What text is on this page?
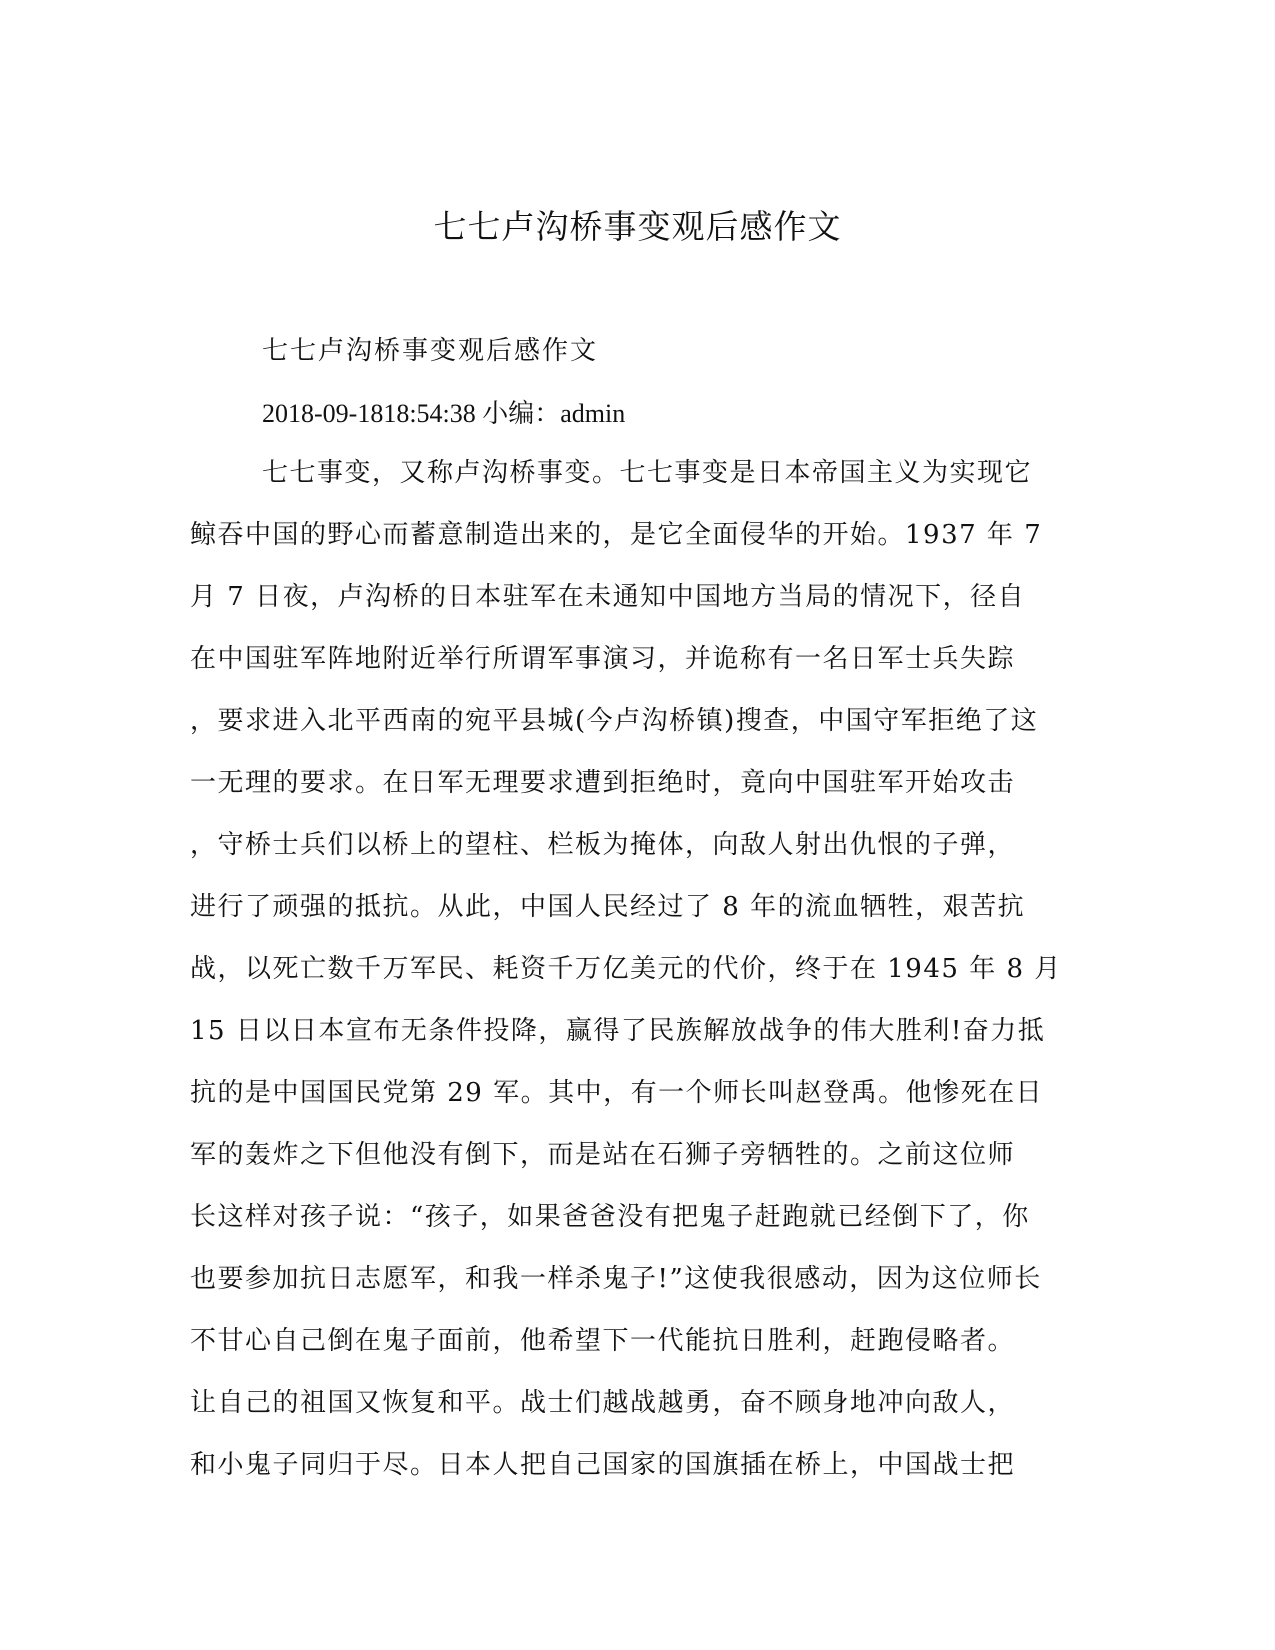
七七卢沟桥事变观后感作文

七七卢沟桥事变观后感作文

2018-09-1818:54:38 小编：admin

七七事变，又称卢沟桥事变。七七事变是日本帝国主义为实现它
鲸吞中国的野心而蓄意制造出来的，是它全面侵华的开始。1937 年 7
月 7 日夜，卢沟桥的日本驻军在未通知中国地方当局的情况下，径自
在中国驻军阵地附近举行所谓军事演习，并诡称有一名日军士兵失踪
，要求进入北平西南的宛平县城(今卢沟桥镇)搜查，中国守军拒绝了这
一无理的要求。在日军无理要求遭到拒绝时，竟向中国驻军开始攻击
，守桥士兵们以桥上的望柱、栏板为掩体，向敌人射出仇恨的子弹，
进行了顽强的抵抗。从此，中国人民经过了 8 年的流血牺牲，艰苦抗
战，以死亡数千万军民、耗资千万亿美元的代价，终于在 1945 年 8 月
15 日以日本宣布无条件投降，赢得了民族解放战争的伟大胜利!奋力抵
抗的是中国国民党第 29 军。其中，有一个师长叫赵登禹。他惨死在日
军的轰炸之下但他没有倒下，而是站在石狮子旁牺牲的。之前这位师
长这样对孩子说：“孩子，如果爸爸没有把鬼子赶跑就已经倒下了，你
也要参加抗日志愿军，和我一样杀鬼子!”这使我很感动，因为这位师长
不甘心自己倒在鬼子面前，他希望下一代能抗日胜利，赶跑侵略者。
让自己的祖国又恢复和平。战士们越战越勇，奋不顾身地冲向敌人，
和小鬼子同归于尽。日本人把自己国家的国旗插在桥上，中国战士把
